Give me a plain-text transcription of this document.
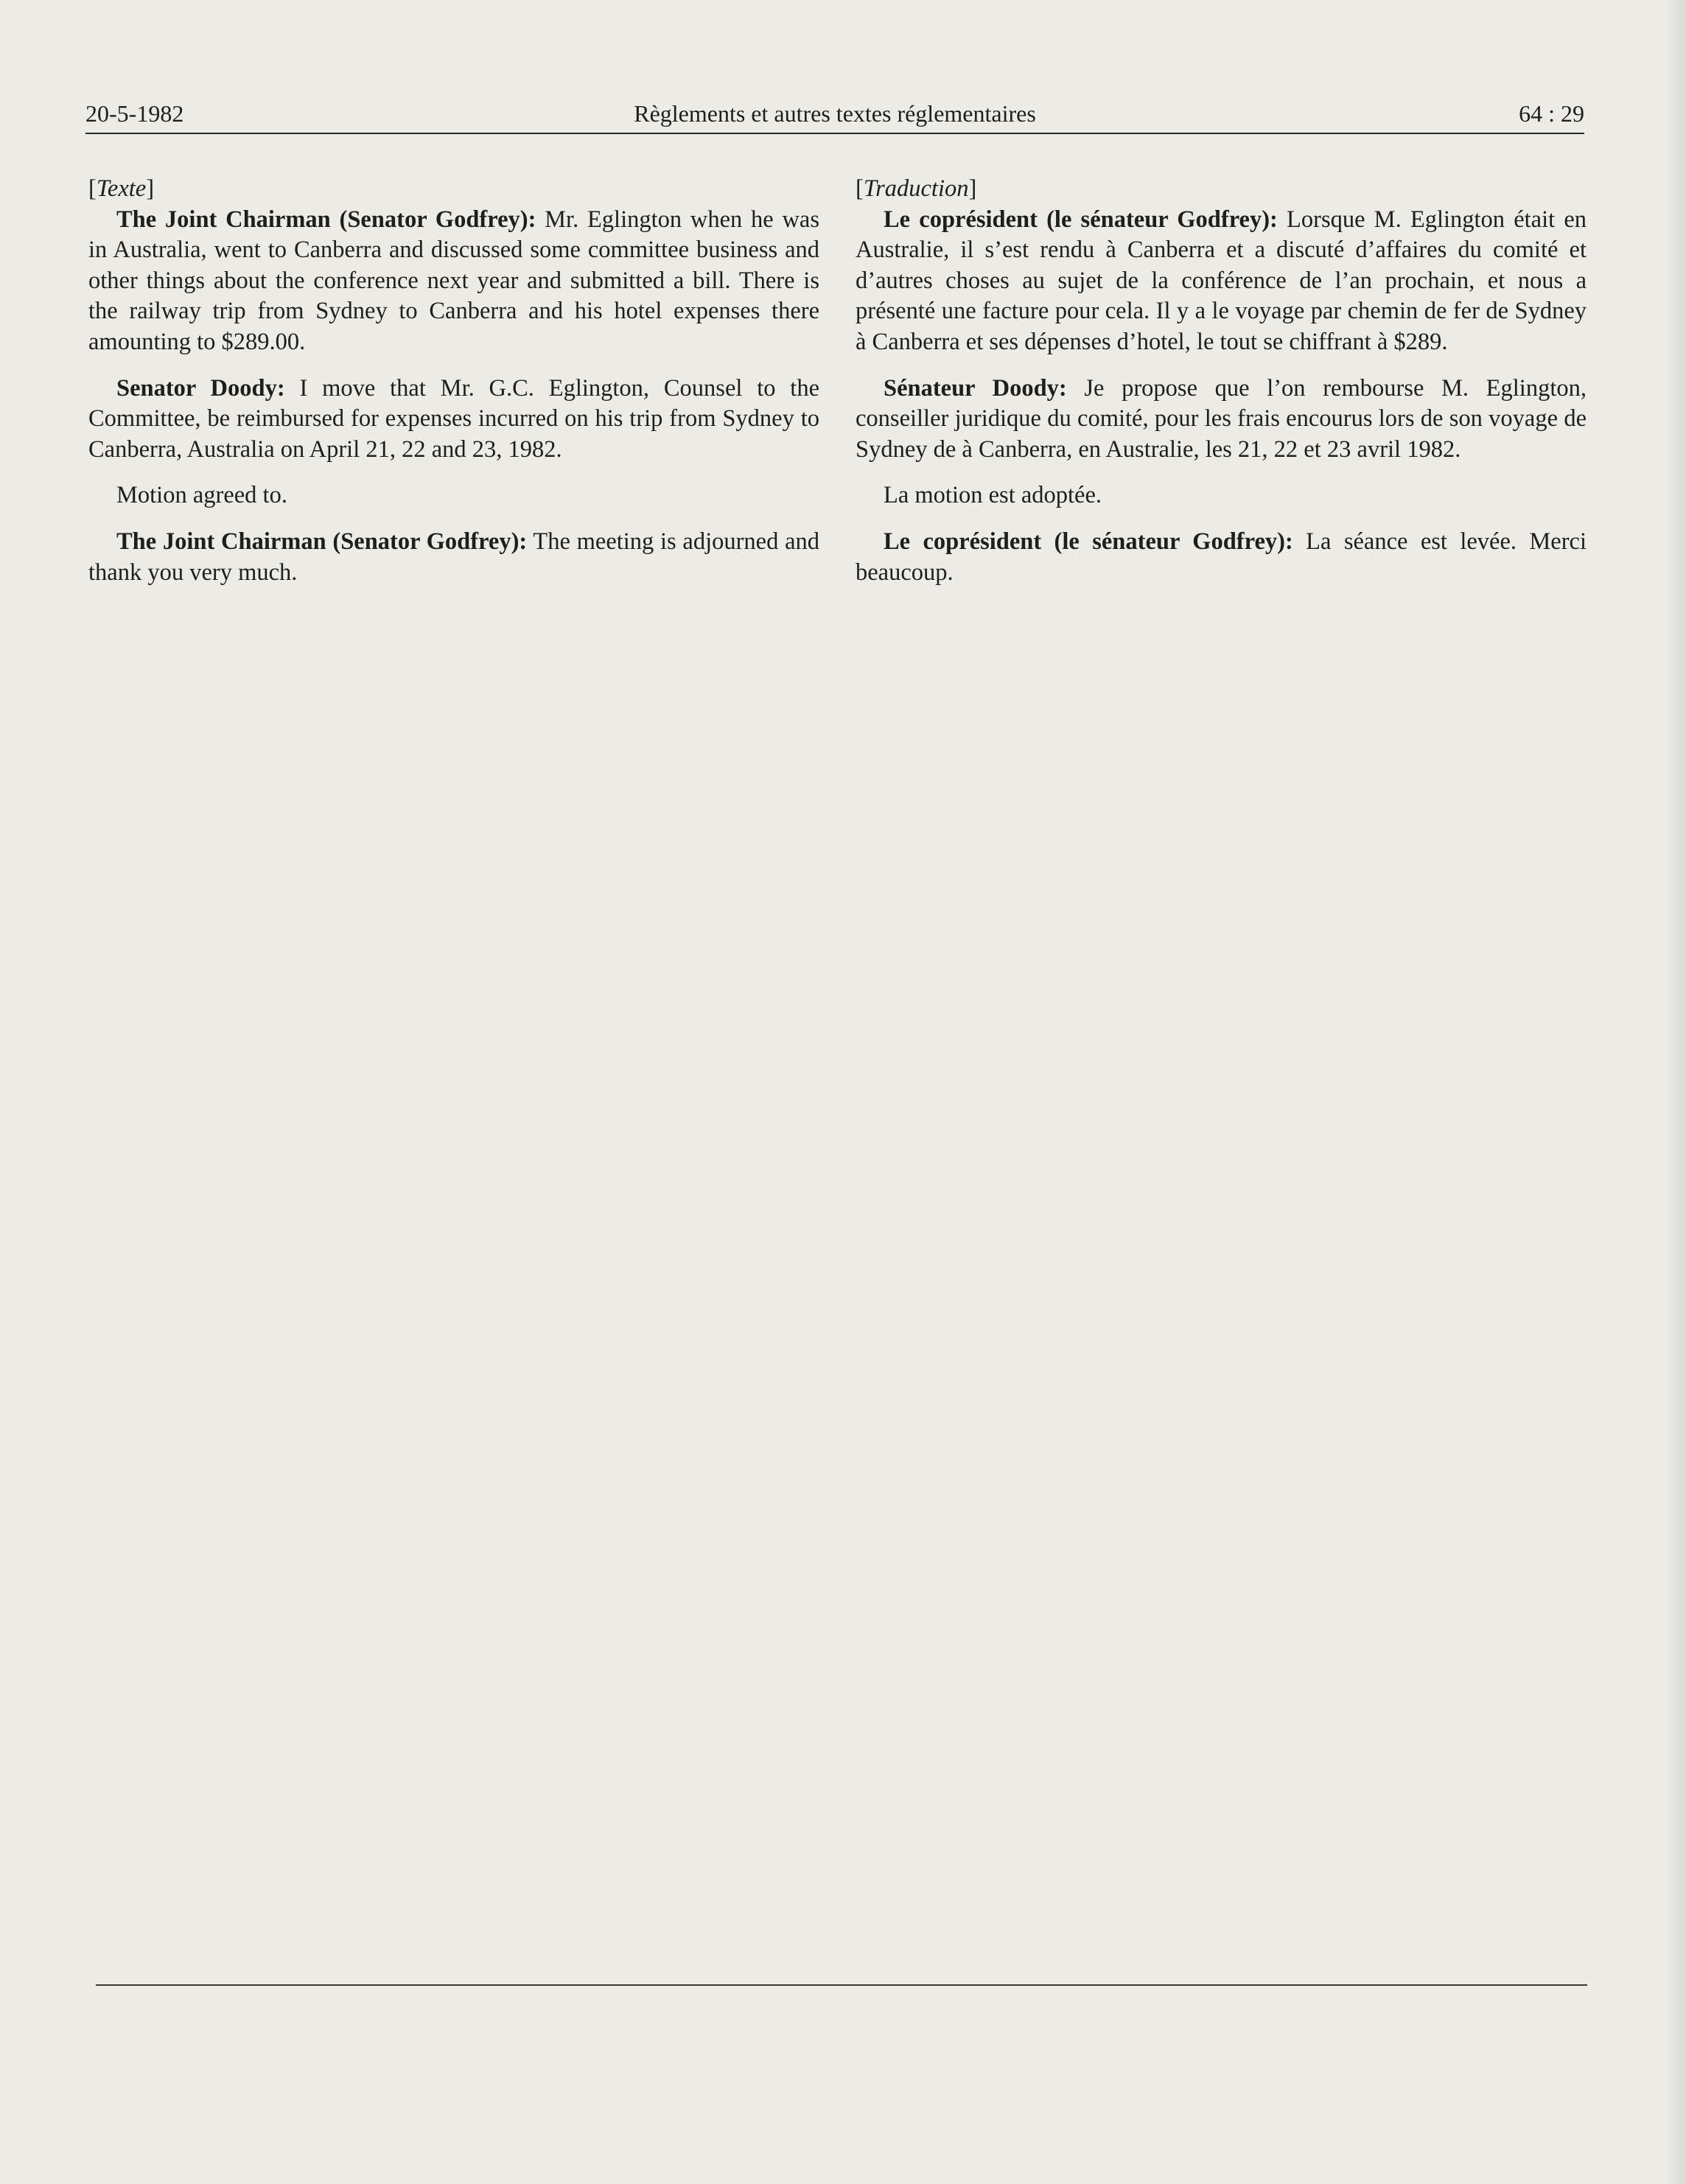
20-5-1982	Règlements et autres textes réglementaires	64 : 29

[Texte]

The Joint Chairman (Senator Godfrey): Mr. Eglington when he was in Australia, went to Canberra and discussed some committee business and other things about the conference next year and submitted a bill. There is the railway trip from Sydney to Canberra and his hotel expenses there amounting to $289.00.

Senator Doody: I move that Mr. G.C. Eglington, Counsel to the Committee, be reimbursed for expenses incurred on his trip from Sydney to Canberra, Australia on April 21, 22 and 23, 1982.

Motion agreed to.

The Joint Chairman (Senator Godfrey): The meeting is adjourned and thank you very much.

[Traduction]

Le coprésident (le sénateur Godfrey): Lorsque M. Eglington était en Australie, il s’est rendu à Canberra et a discuté d’affaires du comité et d’autres choses au sujet de la conférence de l’an prochain, et nous a présenté une facture pour cela. Il y a le voyage par chemin de fer de Sydney à Canberra et ses dépenses d’hotel, le tout se chiffrant à $289.

Sénateur Doody: Je propose que l’on rembourse M. Eglington, conseiller juridique du comité, pour les frais encourus lors de son voyage de Sydney de à Canberra, en Australie, les 21, 22 et 23 avril 1982.

La motion est adoptée.

Le coprésident (le sénateur Godfrey): La séance est levée. Merci beaucoup.
